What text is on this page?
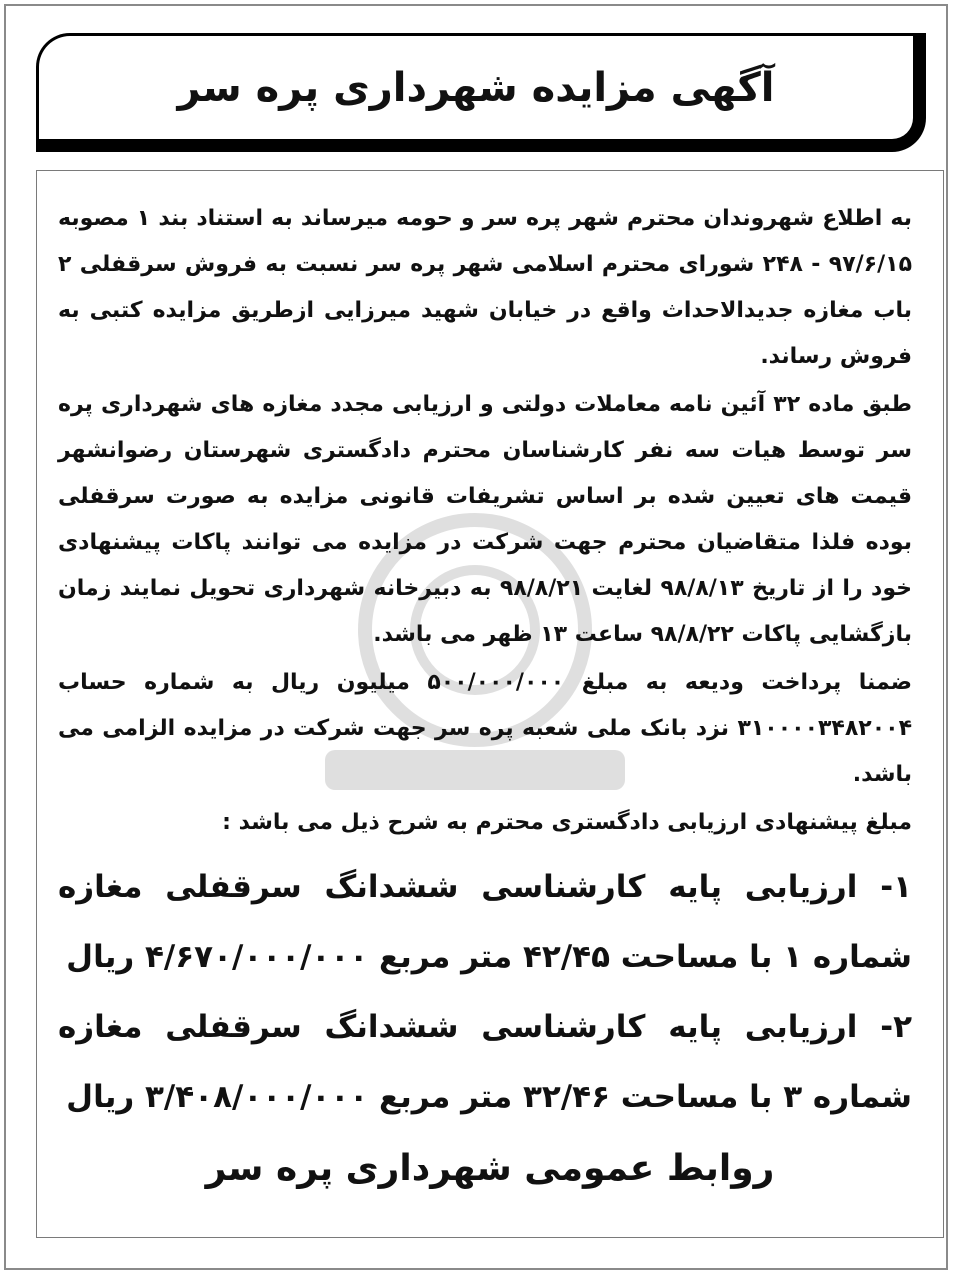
آگهی مزایده شهرداری پره سر

به اطلاع شهروندان محترم شهر پره سر و حومه میرساند به استناد بند ۱ مصوبه ۹۷/۶/۱۵ - ۲۴۸ شورای محترم اسلامی شهر پره سر نسبت به فروش سرقفلی ۲ باب مغازه جدیدالاحداث واقع در خیابان شهید میرزایی ازطریق مزایده کتبی به فروش رساند.

طبق ماده ۳۲ آئین نامه معاملات دولتی و ارزیابی مجدد مغازه های شهرداری پره سر توسط هیات سه نفر کارشناسان محترم دادگستری شهرستان رضوانشهر قیمت های تعیین شده بر اساس تشریفات قانونی مزایده به صورت سرقفلی بوده فلذا متقاضیان محترم جهت شرکت در مزایده می توانند پاکات پیشنهادی خود را از تاریخ ۹۸/۸/۱۳ لغایت ۹۸/۸/۲۱ به دبیرخانه شهرداری تحویل نمایند زمان بازگشایی پاکات ۹۸/۸/۲۲ ساعت ۱۳ ظهر می باشد.

ضمنا پرداخت ودیعه به مبلغ ۵۰۰/۰۰۰/۰۰۰ میلیون ریال به شماره حساب ۳۱۰۰۰۰۳۴۸۲۰۰۴ نزد بانک ملی شعبه پره سر جهت شرکت در مزایده الزامی می باشد.

مبلغ پیشنهادی ارزیابی دادگستری محترم به شرح ذیل می باشد :

۱- ارزیابی پایه کارشناسی ششدانگ سرقفلی مغازه شماره ۱ با مساحت ۴۲/۴۵ متر مربع ۴/۶۷۰/۰۰۰/۰۰۰ ریال
۲- ارزیابی پایه کارشناسی ششدانگ سرقفلی مغازه شماره ۳ با مساحت ۳۲/۴۶ متر مربع ۳/۴۰۸/۰۰۰/۰۰۰ ریال
روابط عمومی شهرداری پره سر
